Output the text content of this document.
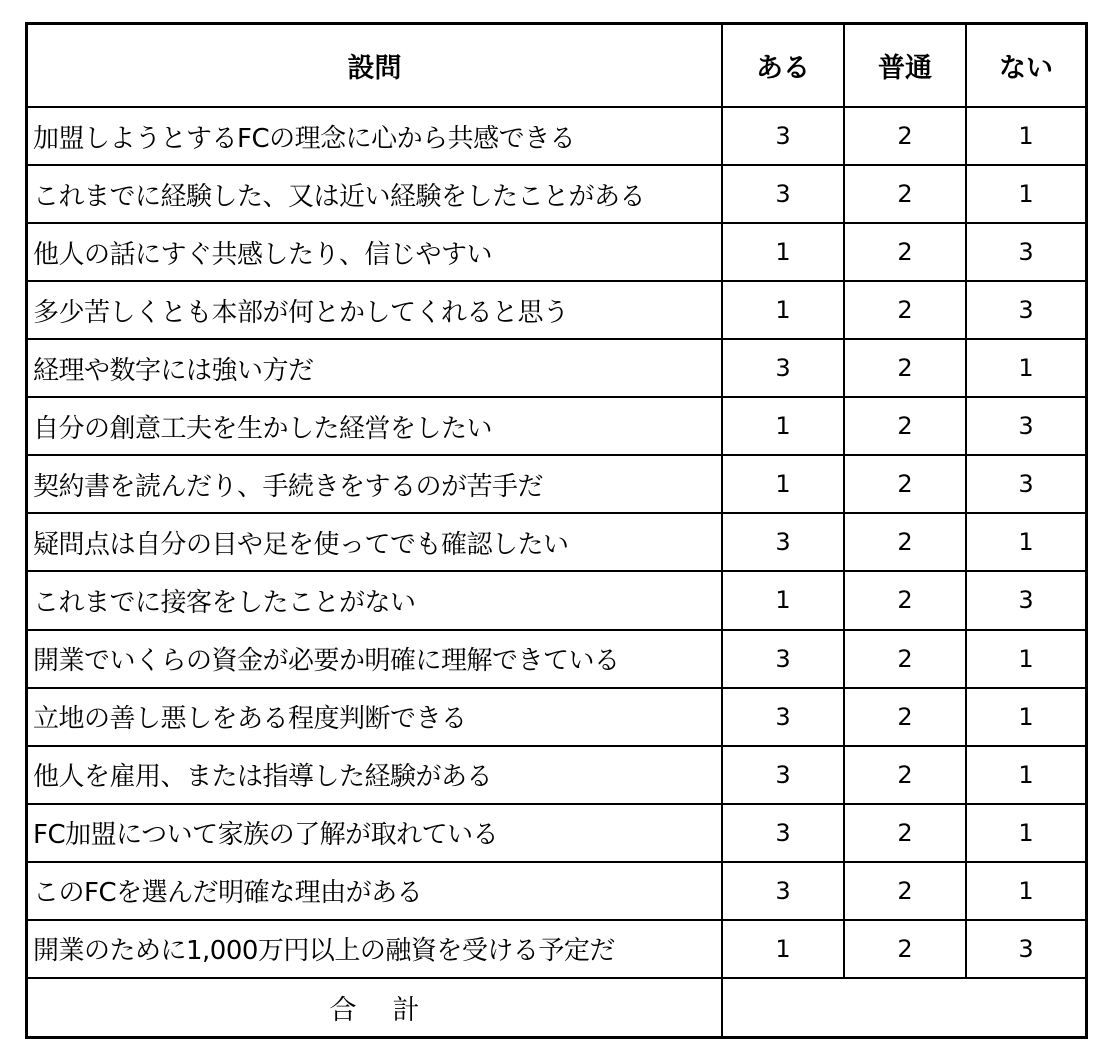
設問	ある	普通	ない
加盟しようとするFCの理念に心から共感できる	3	2	1
これまでに経験した、又は近い経験をしたことがある	3	2	1
他人の話にすぐ共感したり、信じやすい	1	2	3
多少苦しくとも本部が何とかしてくれると思う	1	2	3
経理や数字には強い方だ	3	2	1
自分の創意工夫を生かした経営をしたい	1	2	3
契約書を読んだり、手続きをするのが苦手だ	1	2	3
疑問点は自分の目や足を使ってでも確認したい	3	2	1
これまでに接客をしたことがない	1	2	3
開業でいくらの資金が必要か明確に理解できている	3	2	1
立地の善し悪しをある程度判断できる	3	2	1
他人を雇用、または指導した経験がある	3	2	1
FC加盟について家族の了解が取れている	3	2	1
このFCを選んだ明確な理由がある	3	2	1
開業のために1,000万円以上の融資を受ける予定だ	1	2	3
合計			
